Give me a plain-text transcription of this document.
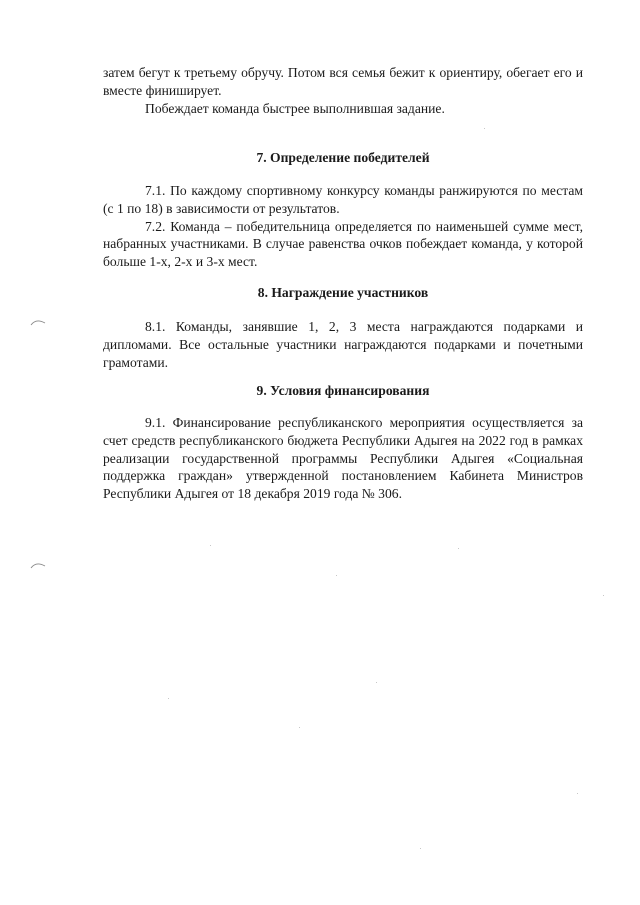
затем бегут к третьему обручу. Потом вся семья бежит к ориентиру, обегает его и вместе финиширует.

Побеждает команда быстрее выполнившая задание.

7. Определение победителей

7.1. По каждому спортивному конкурсу команды ранжируются по местам (с 1 по 18) в зависимости от результатов.

7.2. Команда – победительница определяется по наименьшей сумме мест, набранных участниками. В случае равенства очков побеждает команда, у которой больше 1-х, 2-х и 3-х мест.

8. Награждение участников

8.1. Команды, занявшие 1, 2, 3 места награждаются подарками и дипломами. Все остальные участники награждаются подарками и почетными грамотами.

9. Условия финансирования

9.1. Финансирование республиканского мероприятия осуществляется за счет средств республиканского бюджета Республики Адыгея на 2022 год в рамках реализации государственной программы Республики Адыгея «Социальная поддержка граждан» утвержденной постановлением Кабинета Министров Республики Адыгея от 18 декабря 2019 года № 306.
